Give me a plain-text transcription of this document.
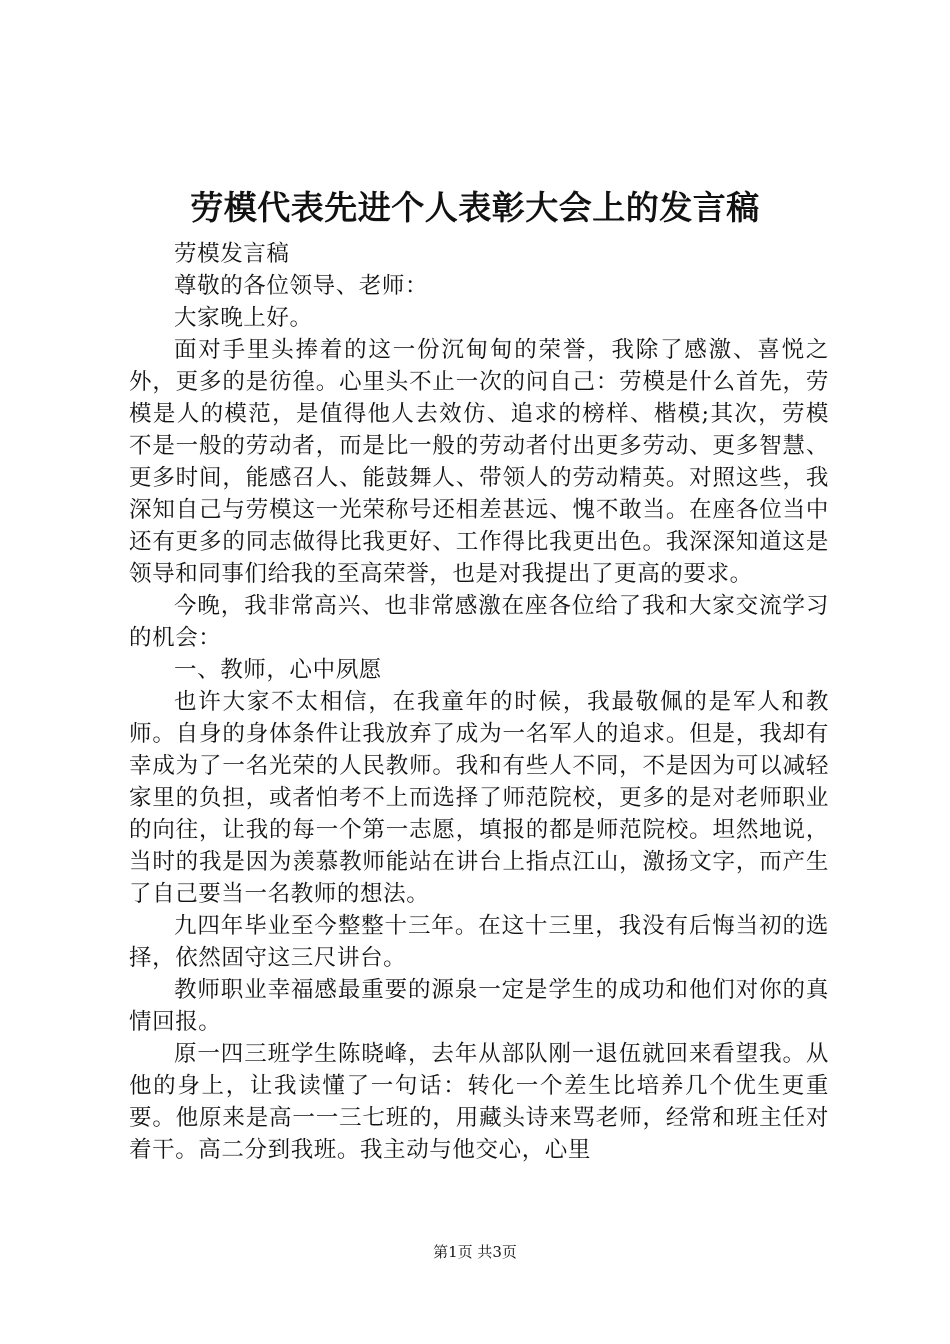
劳模代表先进个人表彰大会上的发言稿

劳模发言稿

尊敬的各位领导、老师：

大家晚上好。

面对手里头捧着的这一份沉甸甸的荣誉，我除了感激、喜悦之外，更多的是彷徨。心里头不止一次的问自己：劳模是什么首先，劳模是人的模范，是值得他人去效仿、追求的榜样、楷模;其次，劳模不是一般的劳动者，而是比一般的劳动者付出更多劳动、更多智慧、更多时间，能感召人、能鼓舞人、带领人的劳动精英。对照这些，我深知自己与劳模这一光荣称号还相差甚远、愧不敢当。在座各位当中还有更多的同志做得比我更好、工作得比我更出色。我深深知道这是领导和同事们给我的至高荣誉，也是对我提出了更高的要求。

今晚，我非常高兴、也非常感激在座各位给了我和大家交流学习的机会：

一、教师，心中夙愿

也许大家不太相信，在我童年的时候，我最敬佩的是军人和教师。自身的身体条件让我放弃了成为一名军人的追求。但是，我却有幸成为了一名光荣的人民教师。我和有些人不同，不是因为可以减轻家里的负担，或者怕考不上而选择了师范院校，更多的是对老师职业的向往，让我的每一个第一志愿，填报的都是师范院校。坦然地说，当时的我是因为羡慕教师能站在讲台上指点江山，激扬文字，而产生了自己要当一名教师的想法。

九四年毕业至今整整十三年。在这十三里，我没有后悔当初的选择，依然固守这三尺讲台。

教师职业幸福感最重要的源泉一定是学生的成功和他们对你的真情回报。

原一四三班学生陈晓峰，去年从部队刚一退伍就回来看望我。从他的身上，让我读懂了一句话：转化一个差生比培养几个优生更重要。他原来是高一一三七班的，用藏头诗来骂老师，经常和班主任对着干。高二分到我班。我主动与他交心，心里

第1页 共3页
